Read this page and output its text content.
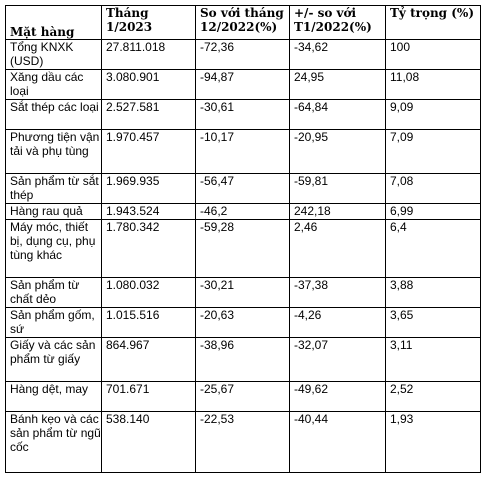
Mặt hàng	Tháng 1/2023	So với tháng 12/2022(%)	+/- so với T1/2022(%)	Tỷ trọng (%)
Tổng KNXK (USD)	27.811.018	-72,36	-34,62	100
Xăng dầu các loại	3.080.901	-94,87	24,95	11,08
Sắt thép các loại	2.527.581	-30,61	-64,84	9,09
Phương tiện vận tải và phụ tùng	1.970.457	-10,17	-20,95	7,09
Sản phẩm từ sắt thép	1.969.935	-56,47	-59,81	7,08
Hàng rau quả	1.943.524	-46,2	242,18	6,99
Máy móc, thiết bị, dụng cụ, phụ tùng khác	1.780.342	-59,28	2,46	6,4
Sản phẩm từ chất dẻo	1.080.032	-30,21	-37,38	3,88
Sản phẩm gốm, sứ	1.015.516	-20,63	-4,26	3,65
Giấy và các sản phẩm từ giấy	864.967	-38,96	-32,07	3,11
Hàng dệt, may	701.671	-25,67	-49,62	2,52
Bánh kẹo và các sản phẩm từ ngũ cốc	538.140	-22,53	-40,44	1,93
